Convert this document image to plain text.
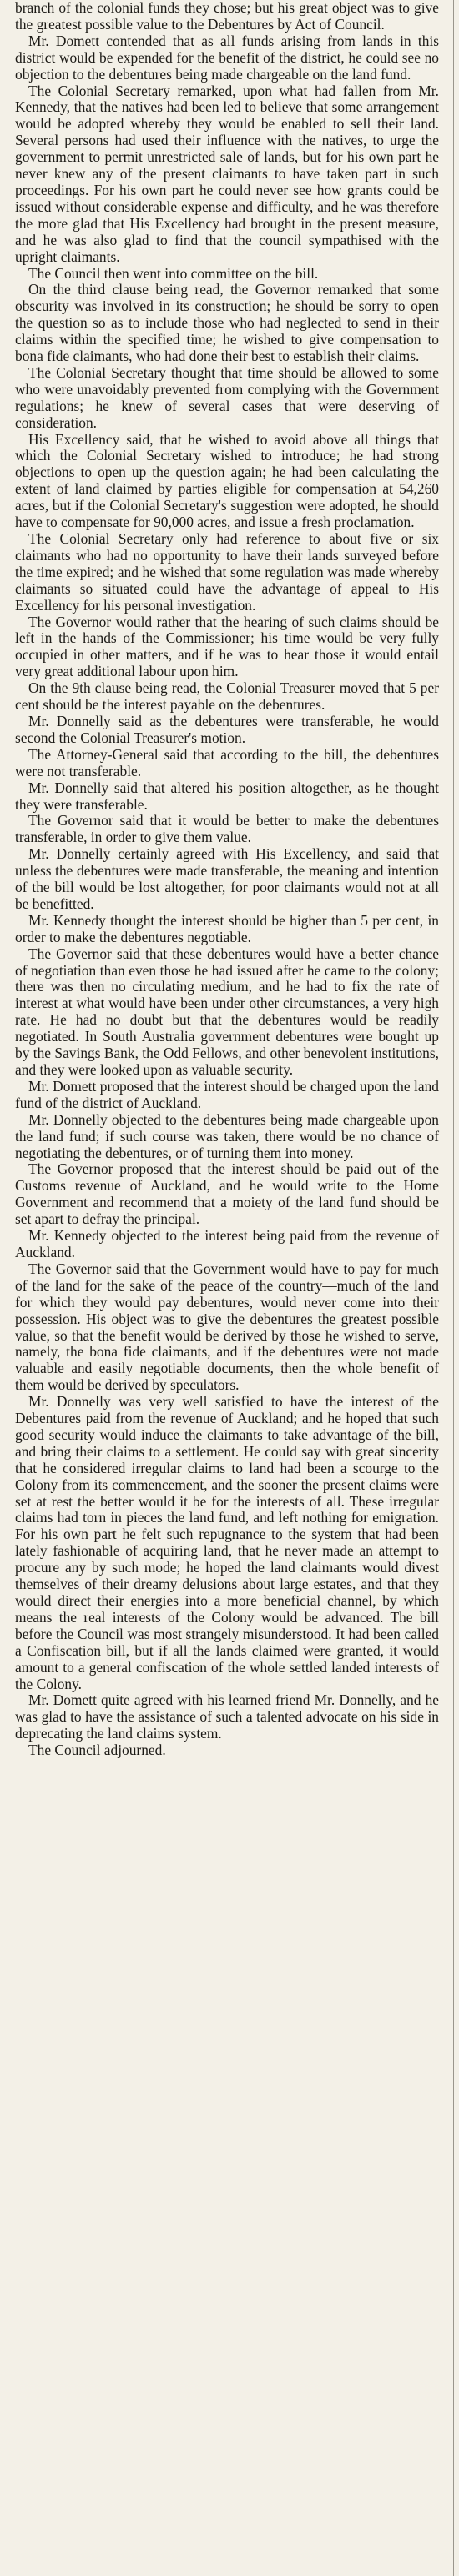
branch of the colonial funds they chose; but his great object was to give the greatest possible value to the Debentures by Act of Council.

Mr. Domett contended that as all funds arising from lands in this district would be expended for the benefit of the district, he could see no objection to the debentures being made chargeable on the land fund.

The Colonial Secretary remarked, upon what had fallen from Mr. Kennedy, that the natives had been led to believe that some arrangement would be adopted whereby they would be enabled to sell their land. Several persons had used their influence with the natives, to urge the government to permit unrestricted sale of lands, but for his own part he never knew any of the present claimants to have taken part in such proceedings. For his own part he could never see how grants could be issued without considerable expense and difficulty, and he was therefore the more glad that His Excellency had brought in the present measure, and he was also glad to find that the council sympathised with the upright claimants.

The Council then went into committee on the bill.

On the third clause being read, the Governor remarked that some obscurity was involved in its construction; he should be sorry to open the question so as to include those who had neglected to send in their claims within the specified time; he wished to give compensation to bona fide claimants, who had done their best to establish their claims.

The Colonial Secretary thought that time should be allowed to some who were unavoidably prevented from complying with the Government regulations; he knew of several cases that were deserving of consideration.

His Excellency said, that he wished to avoid above all things that which the Colonial Secretary wished to introduce; he had strong objections to open up the question again; he had been calculating the extent of land claimed by parties eligible for compensation at 54,260 acres, but if the Colonial Secretary's suggestion were adopted, he should have to compensate for 90,000 acres, and issue a fresh proclamation.

The Colonial Secretary only had reference to about five or six claimants who had no opportunity to have their lands surveyed before the time expired; and he wished that some regulation was made whereby claimants so situated could have the advantage of appeal to His Excellency for his personal investigation.

The Governor would rather that the hearing of such claims should be left in the hands of the Commissioner; his time would be very fully occupied in other matters, and if he was to hear those it would entail very great additional labour upon him.

On the 9th clause being read, the Colonial Treasurer moved that 5 per cent should be the interest payable on the debentures.

Mr. Donnelly said as the debentures were transferable, he would second the Colonial Treasurer's motion.

The Attorney-General said that according to the bill, the debentures were not transferable.

Mr. Donnelly said that altered his position altogether, as he thought they were transferable.

The Governor said that it would be better to make the debentures transferable, in order to give them value.

Mr. Donnelly certainly agreed with His Excellency, and said that unless the debentures were made transferable, the meaning and intention of the bill would be lost altogether, for poor claimants would not at all be benefitted.

Mr. Kennedy thought the interest should be higher than 5 per cent, in order to make the debentures negotiable.

The Governor said that these debentures would have a better chance of negotiation than even those he had issued after he came to the colony; there was then no circulating medium, and he had to fix the rate of interest at what would have been under other circumstances, a very high rate. He had no doubt but that the debentures would be readily negotiated. In South Australia government debentures were bought up by the Savings Bank, the Odd Fellows, and other benevolent institutions, and they were looked upon as valuable security.

Mr. Domett proposed that the interest should be charged upon the land fund of the district of Auckland.

Mr. Donnelly objected to the debentures being made chargeable upon the land fund; if such course was taken, there would be no chance of negotiating the debentures, or of turning them into money.

The Governor proposed that the interest should be paid out of the Customs revenue of Auckland, and he would write to the Home Government and recommend that a moiety of the land fund should be set apart to defray the principal.

Mr. Kennedy objected to the interest being paid from the revenue of Auckland.

The Governor said that the Government would have to pay for much of the land for the sake of the peace of the country—much of the land for which they would pay debentures, would never come into their possession. His object was to give the debentures the greatest possible value, so that the benefit would be derived by those he wished to serve, namely, the bona fide claimants, and if the debentures were not made valuable and easily negotiable documents, then the whole benefit of them would be derived by speculators.

Mr. Donnelly was very well satisfied to have the interest of the Debentures paid from the revenue of Auckland; and he hoped that such good security would induce the claimants to take advantage of the bill, and bring their claims to a settlement. He could say with great sincerity that he considered irregular claims to land had been a scourge to the Colony from its commencement, and the sooner the present claims were set at rest the better would it be for the interests of all. These irregular claims had torn in pieces the land fund, and left nothing for emigration. For his own part he felt such repugnance to the system that had been lately fashionable of acquiring land, that he never made an attempt to procure any by such mode; he hoped the land claimants would divest themselves of their dreamy delusions about large estates, and that they would direct their energies into a more beneficial channel, by which means the real interests of the Colony would be advanced. The bill before the Council was most strangely misunderstood. It had been called a Confiscation bill, but if all the lands claimed were granted, it would amount to a general confiscation of the whole settled landed interests of the Colony.

Mr. Domett quite agreed with his learned friend Mr. Donnelly, and he was glad to have the assistance of such a talented advocate on his side in deprecating the land claims system.

The Council adjourned.
